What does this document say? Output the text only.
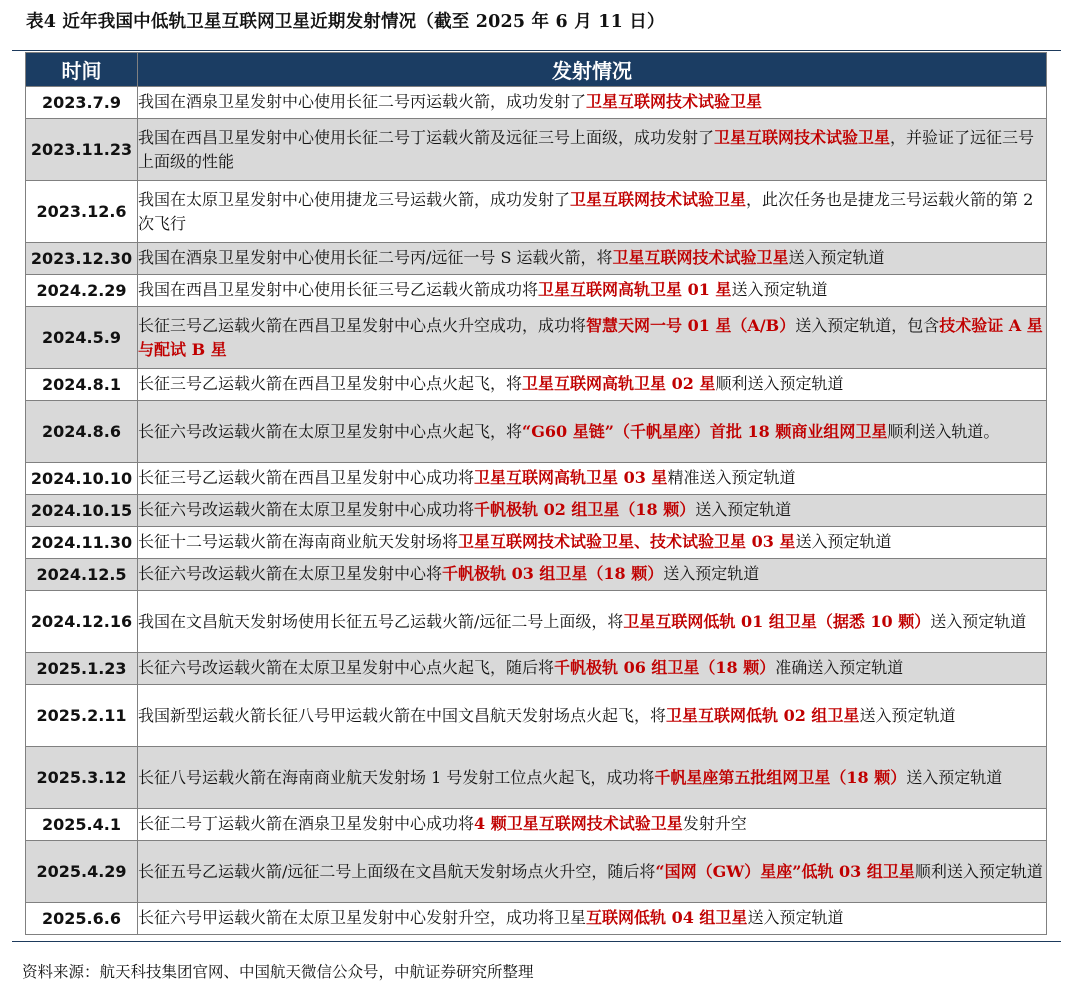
表4 近年我国中低轨卫星互联网卫星近期发射情况（截至 2025 年 6 月 11 日）
时间	发射情况
2023.7.9	我国在酒泉卫星发射中心使用长征二号丙运载火箭，成功发射了卫星互联网技术试验卫星
2023.11.23	我国在西昌卫星发射中心使用长征二号丁运载火箭及远征三号上面级，成功发射了卫星互联网技术试验卫星，并验证了远征三号上面级的性能
2023.12.6	我国在太原卫星发射中心使用捷龙三号运载火箭，成功发射了卫星互联网技术试验卫星，此次任务也是捷龙三号运载火箭的第 2 次飞行
2023.12.30	我国在酒泉卫星发射中心使用长征二号丙/远征一号 S 运载火箭，将卫星互联网技术试验卫星送入预定轨道
2024.2.29	我国在西昌卫星发射中心使用长征三号乙运载火箭成功将卫星互联网高轨卫星 01 星送入预定轨道
2024.5.9	长征三号乙运载火箭在西昌卫星发射中心点火升空成功，成功将智慧天网一号 01 星（A/B）送入预定轨道，包含技术验证 A 星与配试 B 星
2024.8.1	长征三号乙运载火箭在西昌卫星发射中心点火起飞，将卫星互联网高轨卫星 02 星顺利送入预定轨道
2024.8.6	长征六号改运载火箭在太原卫星发射中心点火起飞，将“G60 星链”（千帆星座）首批 18 颗商业组网卫星顺利送入轨道。
2024.10.10	长征三号乙运载火箭在西昌卫星发射中心成功将卫星互联网高轨卫星 03 星精准送入预定轨道
2024.10.15	长征六号改运载火箭在太原卫星发射中心成功将千帆极轨 02 组卫星（18 颗）送入预定轨道
2024.11.30	长征十二号运载火箭在海南商业航天发射场将卫星互联网技术试验卫星、技术试验卫星 03 星送入预定轨道
2024.12.5	长征六号改运载火箭在太原卫星发射中心将千帆极轨 03 组卫星（18 颗）送入预定轨道
2024.12.16	我国在文昌航天发射场使用长征五号乙运载火箭/远征二号上面级，将卫星互联网低轨 01 组卫星（据悉 10 颗）送入预定轨道
2025.1.23	长征六号改运载火箭在太原卫星发射中心点火起飞，随后将千帆极轨 06 组卫星（18 颗）准确送入预定轨道
2025.2.11	我国新型运载火箭长征八号甲运载火箭在中国文昌航天发射场点火起飞，将卫星互联网低轨 02 组卫星送入预定轨道
2025.3.12	长征八号运载火箭在海南商业航天发射场 1 号发射工位点火起飞，成功将千帆星座第五批组网卫星（18 颗）送入预定轨道
2025.4.1	长征二号丁运载火箭在酒泉卫星发射中心成功将4 颗卫星互联网技术试验卫星发射升空
2025.4.29	长征五号乙运载火箭/远征二号上面级在文昌航天发射场点火升空，随后将“国网（GW）星座”低轨 03 组卫星顺利送入预定轨道
2025.6.6	长征六号甲运载火箭在太原卫星发射中心发射升空，成功将卫星互联网低轨 04 组卫星送入预定轨道
资料来源：航天科技集团官网、中国航天微信公众号，中航证券研究所整理
